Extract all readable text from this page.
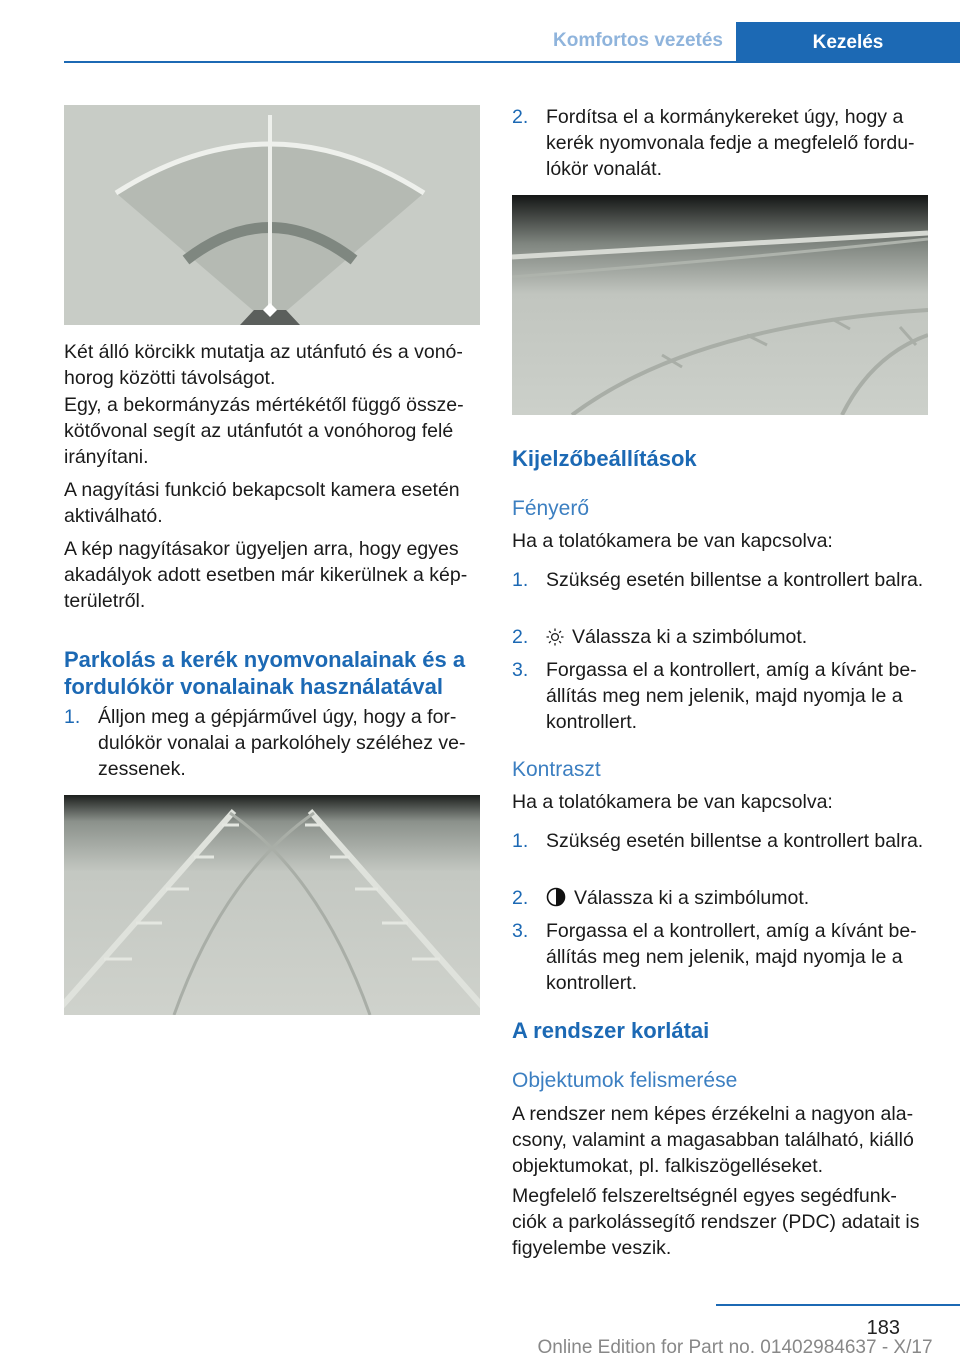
Komfortos vezetés	Kezelés

Két álló körcikk mutatja az utánfutó és a vonó-horog közötti távolságot.

Egy, a bekormányzás mértékétől függő össze-kötővonal segít az utánfutót a vonóhorog felé irányítani.

A nagyítási funkció bekapcsolt kamera esetén aktiválható.

A kép nagyításakor ügyeljen arra, hogy egyes akadályok adott esetben már kikerülnek a kép-területről.

Parkolás a kerék nyomvonalainak és a fordulókör vonalainak használatával
1. Álljon meg a gépjárművel úgy, hogy a for-dulókör vonalai a parkolóhely széléhez ve-zessenek.
2. Fordítsa el a kormánykereket úgy, hogy a kerék nyomvonala fedje a megfelelő fordu-lókör vonalát.
Kijelzőbeállítások
Fényerő

Ha a tolatókamera be van kapcsolva:

1. Szükség esetén billentse a kontrollert balra.
2.	Válassza ki a szimbólumot.
3. Forgassa el a kontrollert, amíg a kívánt be-állítás meg nem jelenik, majd nyomja le a kontrollert.
Kontraszt

Ha a tolatókamera be van kapcsolva:

1. Szükség esetén billentse a kontrollert balra.
2.	Válassza ki a szimbólumot.
3. Forgassa el a kontrollert, amíg a kívánt be-állítás meg nem jelenik, majd nyomja le a kontrollert.
A rendszer korlátai
Objektumok felismerése

A rendszer nem képes érzékelni a nagyon ala-csony, valamint a magasabban található, kiálló objektumokat, pl. falkiszögelléseket.

Megfelelő felszereltségnél egyes segédfunk-ciók a parkolássegítő rendszer (PDC) adatait is figyelembe veszik.

183
Online Edition for Part no. 01402984637 - X/17
